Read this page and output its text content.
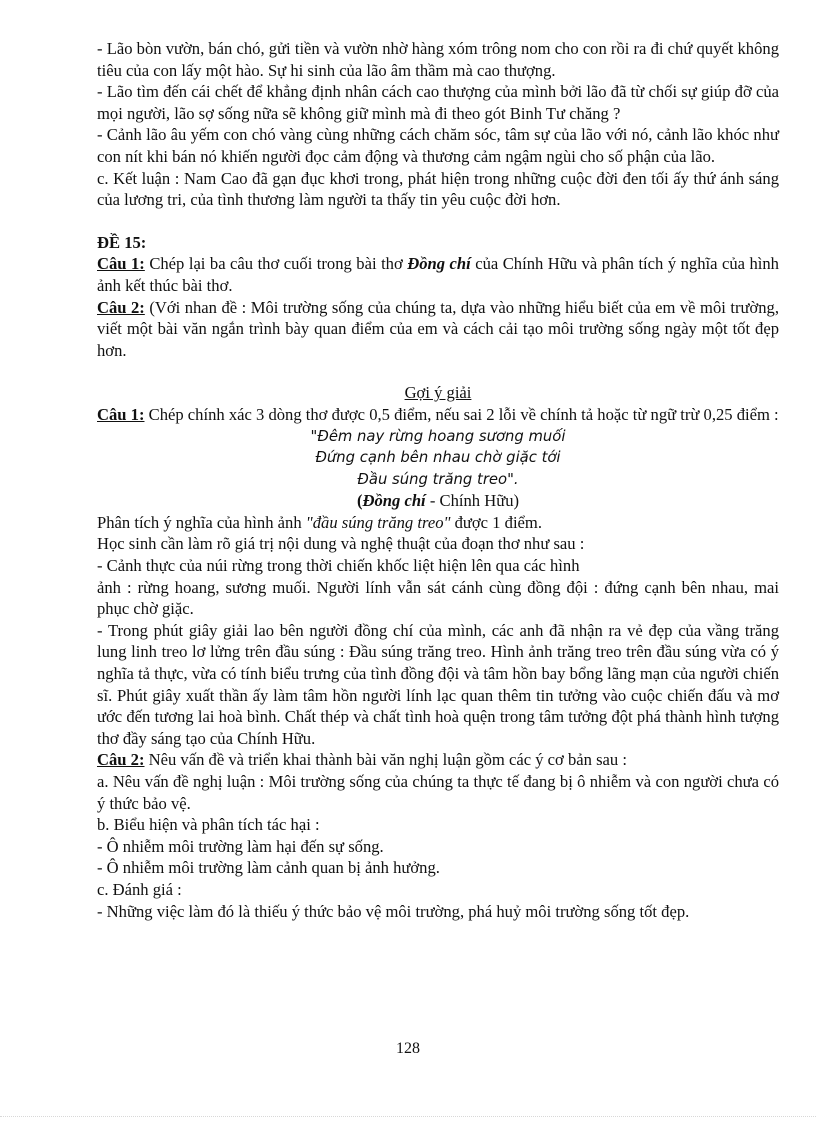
- Lão bòn vườn, bán chó, gửi tiền và vườn nhờ hàng xóm trông nom cho con rồi ra đi chứ quyết không tiêu của con lấy một hào. Sự hi sinh của lão âm thầm mà cao thượng.

- Lão tìm đến cái chết để khẳng định nhân cách cao thượng của mình bởi lão đã từ chối sự giúp đỡ của mọi người, lão sợ sống nữa sẽ không giữ mình mà đi theo gót Binh Tư chăng ?

- Cảnh lão âu yếm con chó vàng cùng những cách chăm sóc, tâm sự của lão với nó, cảnh lão khóc như con nít khi bán nó khiến người đọc cảm động và thương cảm ngậm ngùi cho số phận của lão.

c. Kết luận : Nam Cao đã gạn đục khơi trong, phát hiện trong những cuộc đời đen tối ấy thứ ánh sáng của lương tri, của tình thương làm người ta thấy tin yêu cuộc đời hơn.

ĐỀ 15:

Câu 1: Chép lại ba câu thơ cuối trong bài thơ Đồng chí của Chính Hữu và phân tích ý nghĩa của hình ảnh kết thúc bài thơ.

Câu 2: (Với nhan đề : Môi trường sống của chúng ta, dựa vào những hiểu biết của em về môi trường, viết một bài văn ngắn trình bày quan điểm của em và cách cải tạo môi trường sống ngày một tốt đẹp hơn.

Gợi ý giải

Câu 1: Chép chính xác 3 dòng thơ được 0,5 điểm, nếu sai 2 lỗi về chính tả hoặc từ ngữ trừ 0,25 điểm :

"Đêm nay rừng hoang sương muối

Đứng cạnh bên nhau chờ giặc tới

Đầu súng trăng treo".

(Đồng chí - Chính Hữu)

Phân tích ý nghĩa của hình ảnh "đầu súng trăng treo" được 1 điểm.

Học sinh cần làm rõ giá trị nội dung và nghệ thuật của đoạn thơ như sau :

- Cảnh thực của núi rừng trong thời chiến khốc liệt hiện lên qua các hình

ảnh : rừng hoang, sương muối. Người lính vẫn sát cánh cùng đồng đội : đứng cạnh bên nhau, mai phục chờ giặc.

- Trong phút giây giải lao bên người đồng chí của mình, các anh đã nhận ra vẻ đẹp của vầng trăng lung linh treo lơ lửng trên đầu súng : Đầu súng trăng treo. Hình ảnh trăng treo trên đầu súng vừa có ý nghĩa tả thực, vừa có tính biểu trưng của tình đồng đội và tâm hồn bay bổng lãng mạn của người chiến sĩ. Phút giây xuất thần ấy làm tâm hồn người lính lạc quan thêm tin tưởng vào cuộc chiến đấu và mơ ước đến tương lai hoà bình. Chất thép và chất tình hoà quện trong tâm tưởng đột phá thành hình tượng thơ đầy sáng tạo của Chính Hữu.

Câu 2: Nêu vấn đề và triển khai thành bài văn nghị luận gồm các ý cơ bản sau :

a. Nêu vấn đề nghị luận : Môi trường sống của chúng ta thực tế đang bị ô nhiễm và con người chưa có ý thức bảo vệ.

b. Biểu hiện và phân tích tác hại :

- Ô nhiễm môi trường làm hại đến sự sống.

- Ô nhiễm môi trường làm cảnh quan bị ảnh hưởng.

c. Đánh giá :

- Những việc làm đó là thiếu ý thức bảo vệ môi trường, phá huỷ môi trường sống tốt đẹp.

128
